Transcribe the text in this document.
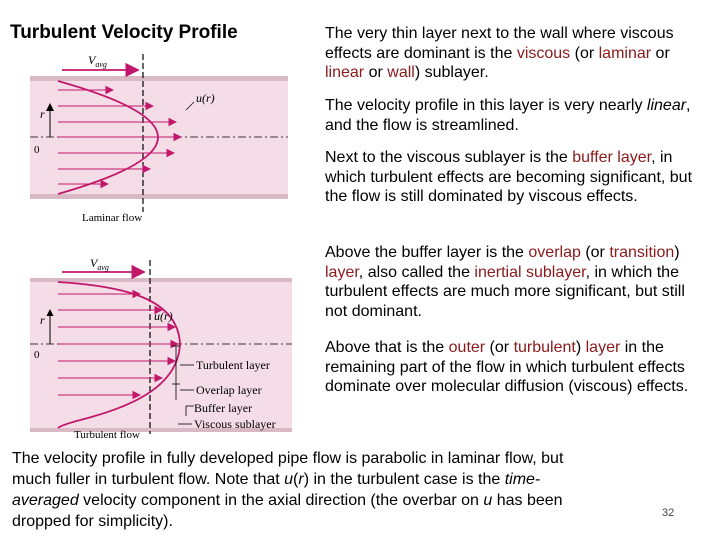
Turbulent Velocity Profile	The very thin layer next to the wall where viscous effects are dominant is the viscous (or laminar or linear or wall) sublayer.
The velocity profile in this layer is very nearly linear, and the flow is streamlined.
Next to the viscous sublayer is the buffer layer, in which turbulent effects are becoming significant, but the flow is still dominated by viscous effects.
Above the buffer layer is the overlap (or transition) layer, also called the inertial sublayer, in which the turbulent effects are much more significant, but still not dominant.
Above that is the outer (or turbulent) layer in the remaining part of the flow in which turbulent effects dominate over molecular diffusion (viscous) effects.
$V_{avg}$
u(r)
r
0
Laminar flow
$V_{avg}$
u(r)
r
0
Turbulent layer
Overlap layer
Buffer layer
Viscous sublayer
Turbulent flow
The velocity profile in fully developed pipe flow is parabolic in laminar flow, but much fuller in turbulent flow. Note that u(r) in the turbulent case is the time-averaged velocity component in the axial direction (the overbar on u has been dropped for simplicity).	32
